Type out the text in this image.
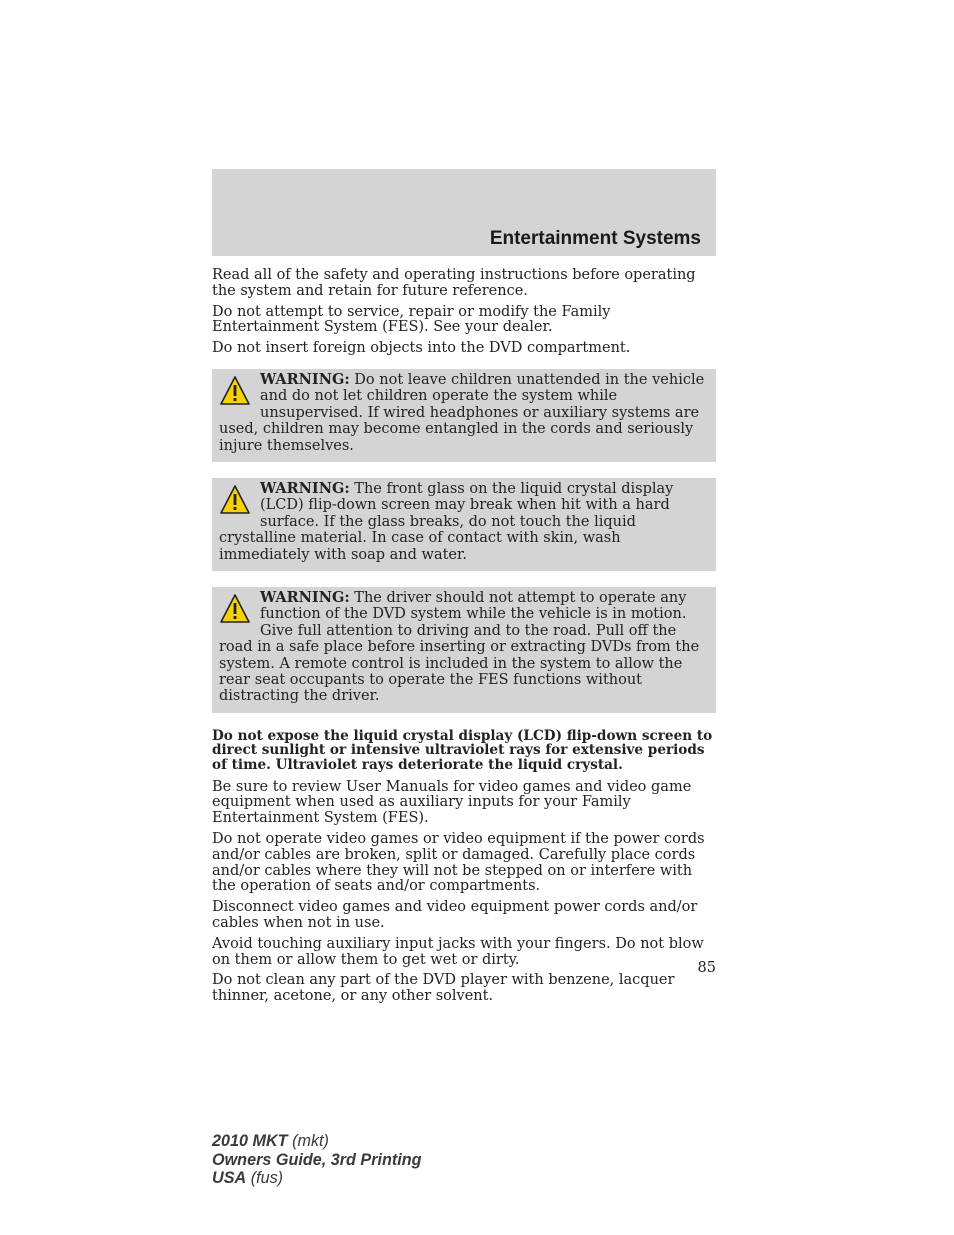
Entertainment Systems

Read all of the safety and operating instructions before operating the system and retain for future reference.

Do not attempt to service, repair or modify the Family Entertainment System (FES). See your dealer.

Do not insert foreign objects into the DVD compartment.

WARNING: Do not leave children unattended in the vehicle and do not let children operate the system while unsupervised. If wired headphones or auxiliary systems are used, children may become entangled in the cords and seriously injure themselves.
WARNING: The front glass on the liquid crystal display (LCD) flip-down screen may break when hit with a hard surface. If the glass breaks, do not touch the liquid crystalline material. In case of contact with skin, wash immediately with soap and water.
WARNING: The driver should not attempt to operate any function of the DVD system while the vehicle is in motion. Give full attention to driving and to the road. Pull off the road in a safe place before inserting or extracting DVDs from the system. A remote control is included in the system to allow the rear seat occupants to operate the FES functions without distracting the driver.

Do not expose the liquid crystal display (LCD) flip-down screen to direct sunlight or intensive ultraviolet rays for extensive periods of time. Ultraviolet rays deteriorate the liquid crystal.

Be sure to review User Manuals for video games and video game equipment when used as auxiliary inputs for your Family Entertainment System (FES).

Do not operate video games or video equipment if the power cords and/or cables are broken, split or damaged. Carefully place cords and/or cables where they will not be stepped on or interfere with the operation of seats and/or compartments.

Disconnect video games and video equipment power cords and/or cables when not in use.

Avoid touching auxiliary input jacks with your fingers. Do not blow on them or allow them to get wet or dirty.

Do not clean any part of the DVD player with benzene, lacquer thinner, acetone, or any other solvent.

85
2010 MKT (mkt)
Owners Guide, 3rd Printing
USA (fus)
